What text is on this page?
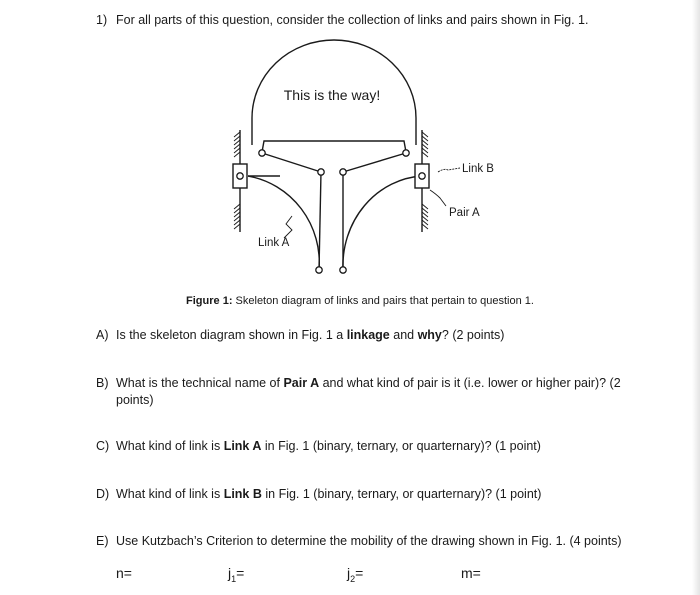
1) For all parts of this question, consider the collection of links and pairs shown in Fig. 1.
This is the way!
Link B
Pair A
Link A
Figure 1: Skeleton diagram of links and pairs that pertain to question 1.
A) Is the skeleton diagram shown in Fig. 1 a linkage and why? (2 points)
B) What is the technical name of Pair A and what kind of pair is it (i.e. lower or higher pair)? (2 points)
C) What kind of link is Link A in Fig. 1 (binary, ternary, or quarternary)? (1 point)
D) What kind of link is Link B in Fig. 1 (binary, ternary, or quarternary)? (1 point)
E) Use Kutzbach’s Criterion to determine the mobility of the drawing shown in Fig. 1. (4 points)
n=	$j_1=$	$j_2=$	m=
